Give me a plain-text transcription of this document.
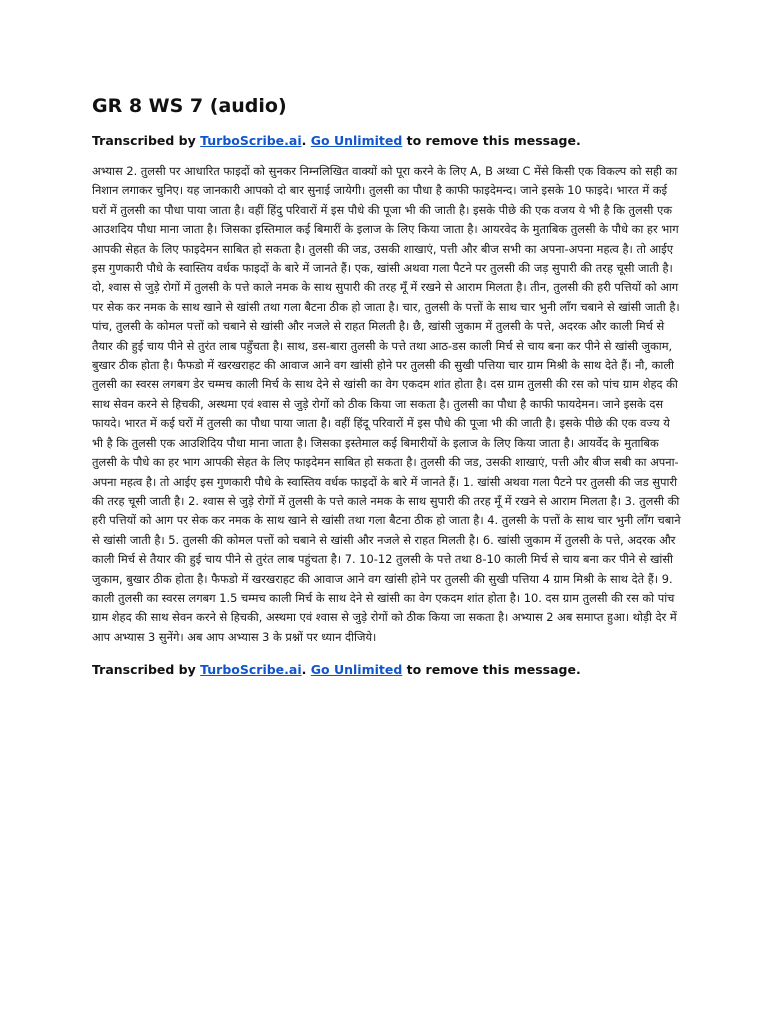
GR 8 WS 7 (audio)

Transcribed by TurboScribe.ai. Go Unlimited to remove this message.

अभ्यास 2. तुलसी पर आधारित फाइदों को सुनकर निम्नलिखित वाक्यों को पूरा करने के लिए A, B अथ्वा C मेंसे किसी एक विकल्प को सही का निशान लगाकर चुनिए। यह जानकारी आपको दो बार सुनाई जायेगी। तुलसी का पौधा है काफी फाइदेमन्द। जाने इसके 10 फाइदे। भारत में कई घरों में तुलसी का पौधा पाया जाता है। वहीं हिंदु परिवारों में इस पौधे की पूजा भी की जाती है। इसके पीछे की एक वजय ये भी है कि तुलसी एक आउशदिय पौधा माना जाता है। जिसका इस्तिमाल कई बिमारीं के इलाज के लिए किया जाता है। आयरवेद के मुताबिक तुलसी के पौधे का हर भाग आपकी सेहत के लिए फाइदेमन साबित हो सकता है। तुलसी की जड, उसकी शाखाएं, पत्ती और बीज सभी का अपना-अपना महत्व है। तो आईए इस गुणकारी पौधे के स्वास्तिय वर्धक फाइदों के बारे में जानते हैं। एक, खांसी अथवा गला पैटने पर तुलसी की जड़ सुपारी की तरह चूसी जाती है। दो, श्वास से जुड़े रोगों में तुलसी के पत्ते काले नमक के साथ सुपारी की तरह मूँ में रखने से आराम मिलता है। तीन, तुलसी की हरी पत्तियों को आग पर सेक कर नमक के साथ खाने से खांसी तथा गला बैटना ठीक हो जाता है। चार, तुलसी के पत्तों के साथ चार भुनी लॉंग चबाने से खांसी जाती है। पांच, तुलसी के कोमल पत्तों को चबाने से खांसी और नजले से राहत मिलती है। छै, खांसी जुकाम में तुलसी के पत्ते, अदरक और काली मिर्च से तैयार की हुई चाय पीने से तुरंत लाब पहुँचता है। साथ, डस-बारा तुलसी के पत्ते तथा आठ-डस काली मिर्च से चाय बना कर पीने से खांसी जुकाम, बुखार ठीक होता है। फैफडो में खरखराहट की आवाज आने वग खांसी होने पर तुलसी की सुखी पत्तिया चार ग्राम मिश्री के साथ देते हैं। नौ, काली तुलसी का स्वरस लगबग डेर चम्मच काली मिर्च के साथ देने से खांसी का वेग एकदम शांत होता है। दस ग्राम तुलसी की रस को पांच ग्राम शेहद की साथ सेवन करने से हिचकी, अस्थमा एवं श्वास से जुड़े रोगों को ठीक किया जा सकता है। तुलसी का पौधा है काफी फायदेमन। जाने इसके दस फायदे। भारत में कई घरों में तुलसी का पौधा पाया जाता है। वहीं हिंदू परिवारों में इस पौधे की पूजा भी की जाती है। इसके पीछे की एक वज्य ये भी है कि तुलसी एक आउशिदिय पौधा माना जाता है। जिसका इस्तेमाल कई बिमारीयों के इलाज के लिए किया जाता है। आयर्वेद के मुताबिक तुलसी के पौधे का हर भाग आपकी सेहत के लिए फाइदेमन साबित हो सकता है। तुलसी की जड, उसकी शाखाएं, पत्ती और बीज सबी का अपना-अपना महत्व है। तो आईए इस गुणकारी पौधे के स्वास्तिय वर्धक फाइदों के बारे में जानते हैं। 1. खांसी अथवा गला पैटने पर तुलसी की जड सुपारी की तरह चूसी जाती है। 2. श्वास से जुड़े रोगों में तुलसी के पत्ते काले नमक के साथ सुपारी की तरह मूँ में रखने से आराम मिलता है। 3. तुलसी की हरी पत्तियों को आग पर सेक कर नमक के साथ खाने से खांसी तथा गला बैटना ठीक हो जाता है। 4. तुलसी के पत्तों के साथ चार भुनी लॉंग चबाने से खांसी जाती है। 5. तुलसी की कोमल पत्तों को चबाने से खांसी और नजले से राहत मिलती है। 6. खांसी जुकाम में तुलसी के पत्ते, अदरक और काली मिर्च से तैयार की हुई चाय पीने से तुरंत लाब पहुंचता है। 7. 10-12 तुलसी के पत्ते तथा 8-10 काली मिर्च से चाय बना कर पीने से खांसी जुकाम, बुखार ठीक होता है। फैफडो में खरखराहट की आवाज आने वग खांसी होने पर तुलसी की सुखी पत्तिया 4 ग्राम मिश्री के साथ देते हैं। 9. काली तुलसी का स्वरस लगबग 1.5 चम्मच काली मिर्च के साथ देने से खांसी का वेग एकदम शांत होता है। 10. दस ग्राम तुलसी की रस को पांच ग्राम शेहद की साथ सेवन करने से हिचकी, अस्थमा एवं श्वास से जुड़े रोगों को ठीक किया जा सकता है। अभ्यास 2 अब समाप्त हुआ। थोड़ी देर में आप अभ्यास 3 सुनेंगे। अब आप अभ्यास 3 के प्रश्नों पर ध्यान दीजिये।

Transcribed by TurboScribe.ai. Go Unlimited to remove this message.
